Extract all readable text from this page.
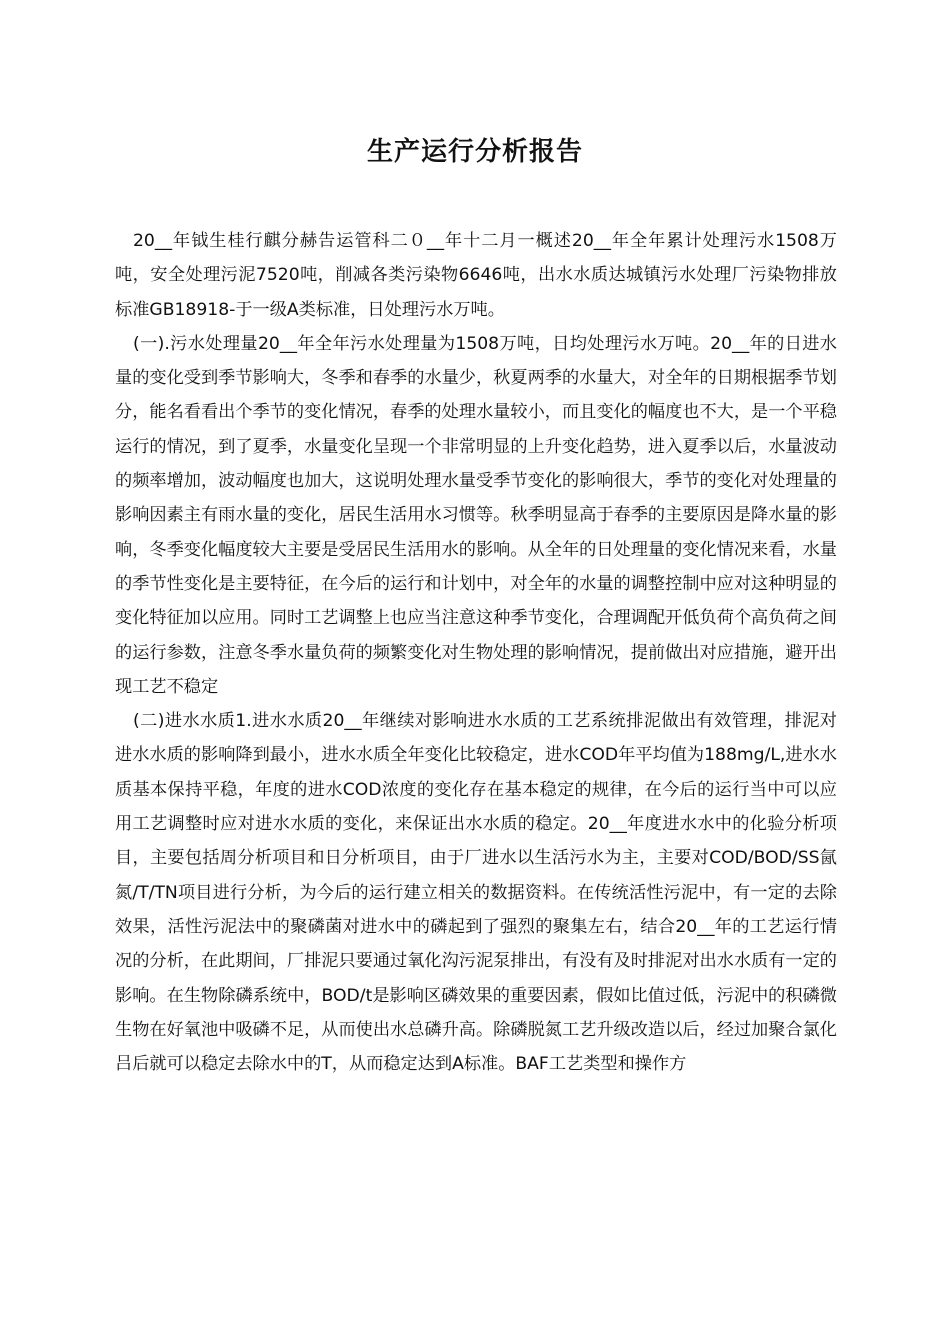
生产运行分析报告

20__年钺生桂行麒分赫告运管科二０__年十二月一概述20__年全年累计处理污水1508万吨，安全处理污泥7520吨，削减各类污染物6646吨，出水水质达城镇污水处理厂污染物排放标准GB18918-于一级A类标准，日处理污水万吨。

(一).污水处理量20__年全年污水处理量为1508万吨，日均处理污水万吨。20__年的日进水量的变化受到季节影响大，冬季和春季的水量少，秋夏两季的水量大，对全年的日期根据季节划分，能名看看出个季节的变化情况，春季的处理水量较小，而且变化的幅度也不大，是一个平稳运行的情况，到了夏季，水量变化呈现一个非常明显的上升变化趋势，进入夏季以后，水量波动的频率增加，波动幅度也加大，这说明处理水量受季节变化的影响很大，季节的变化对处理量的影响因素主有雨水量的变化，居民生活用水习惯等。秋季明显高于春季的主要原因是降水量的影响，冬季变化幅度较大主要是受居民生活用水的影响。从全年的日处理量的变化情况来看，水量的季节性变化是主要特征，在今后的运行和计划中，对全年的水量的调整控制中应对这种明显的变化特征加以应用。同时工艺调整上也应当注意这种季节变化，合理调配开低负荷个高负荷之间的运行参数，注意冬季水量负荷的频繁变化对生物处理的影响情况，提前做出对应措施，避开出现工艺不稳定

(二)进水水质1.进水水质20__年继续对影响进水水质的工艺系统排泥做出有效管理，排泥对进水水质的影响降到最小，进水水质全年变化比较稳定，进水COD年平均值为188mg/L,进水水质基本保持平稳，年度的进水COD浓度的变化存在基本稳定的规律，在今后的运行当中可以应用工艺调整时应对进水水质的变化，来保证出水水质的稳定。20__年度进水水中的化验分析项目，主要包括周分析项目和日分析项目，由于厂进水以生活污水为主，主要对COD/BOD/SS氤氮/T/TN项目进行分析，为今后的运行建立相关的数据资料。在传统活性污泥中，有一定的去除效果，活性污泥法中的聚磷菌对进水中的磷起到了强烈的聚集左右，结合20__年的工艺运行情况的分析，在此期间，厂排泥只要通过氧化沟污泥泵排出，有没有及时排泥对出水水质有一定的影响。在生物除磷系统中，BOD/t是影响区磷效果的重要因素，假如比值过低，污泥中的积磷微生物在好氧池中吸磷不足，从而使出水总磷升高。除磷脱氮工艺升级改造以后，经过加聚合氯化吕后就可以稳定去除水中的T，从而稳定达到A标准。BAF工艺类型和操作方
